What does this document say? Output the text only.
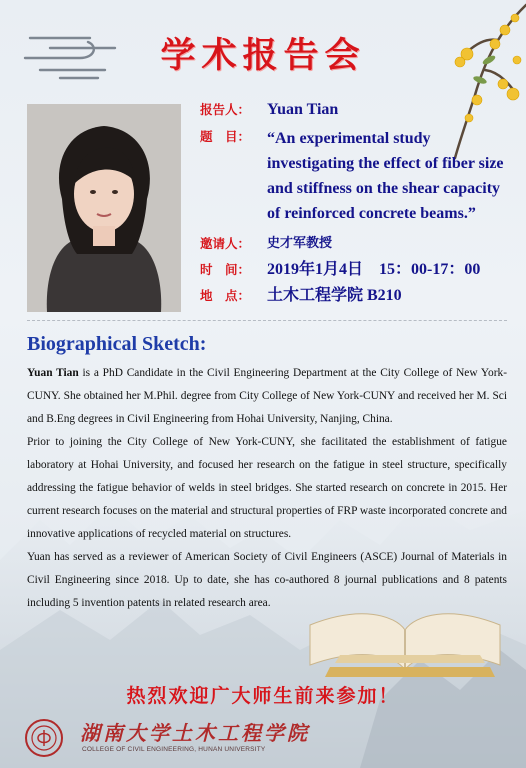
学术报告会
报告人：	Yuan Tian
题　目：	“An experimental study investigating the effect of fiber size and stiffness on the shear capacity of reinforced concrete beams.”
邀请人：	史才军教授
时　间：	2019年1月4日　15：00-17：00
地　点：	土木工程学院 B210
Biographical Sketch:

Yuan Tian is a PhD Candidate in the Civil Engineering Department at the City College of New York-CUNY. She obtained her M.Phil. degree from City College of New York-CUNY and received her M. Sci and B.Eng degrees in Civil Engineering from Hohai University, Nanjing, China.

Prior to joining the City College of New York-CUNY, she facilitated the establishment of fatigue laboratory at Hohai University, and focused her research on the fatigue in steel structure, specifically addressing the fatigue behavior of welds in steel bridges. She started research on concrete in 2015. Her current research focuses on the material and structural properties of FRP waste incorporated concrete and innovative applications of recycled material on structures.

Yuan has served as a reviewer of American Society of Civil Engineers (ASCE) Journal of Materials in Civil Engineering since 2018. Up to date, she has co-authored 8 journal publications and 8 patents including 5 invention patents in related research area.

热烈欢迎广大师生前来参加！
湖南大学土木工程学院
COLLEGE OF CIVIL ENGINEERING, HUNAN UNIVERSITY
